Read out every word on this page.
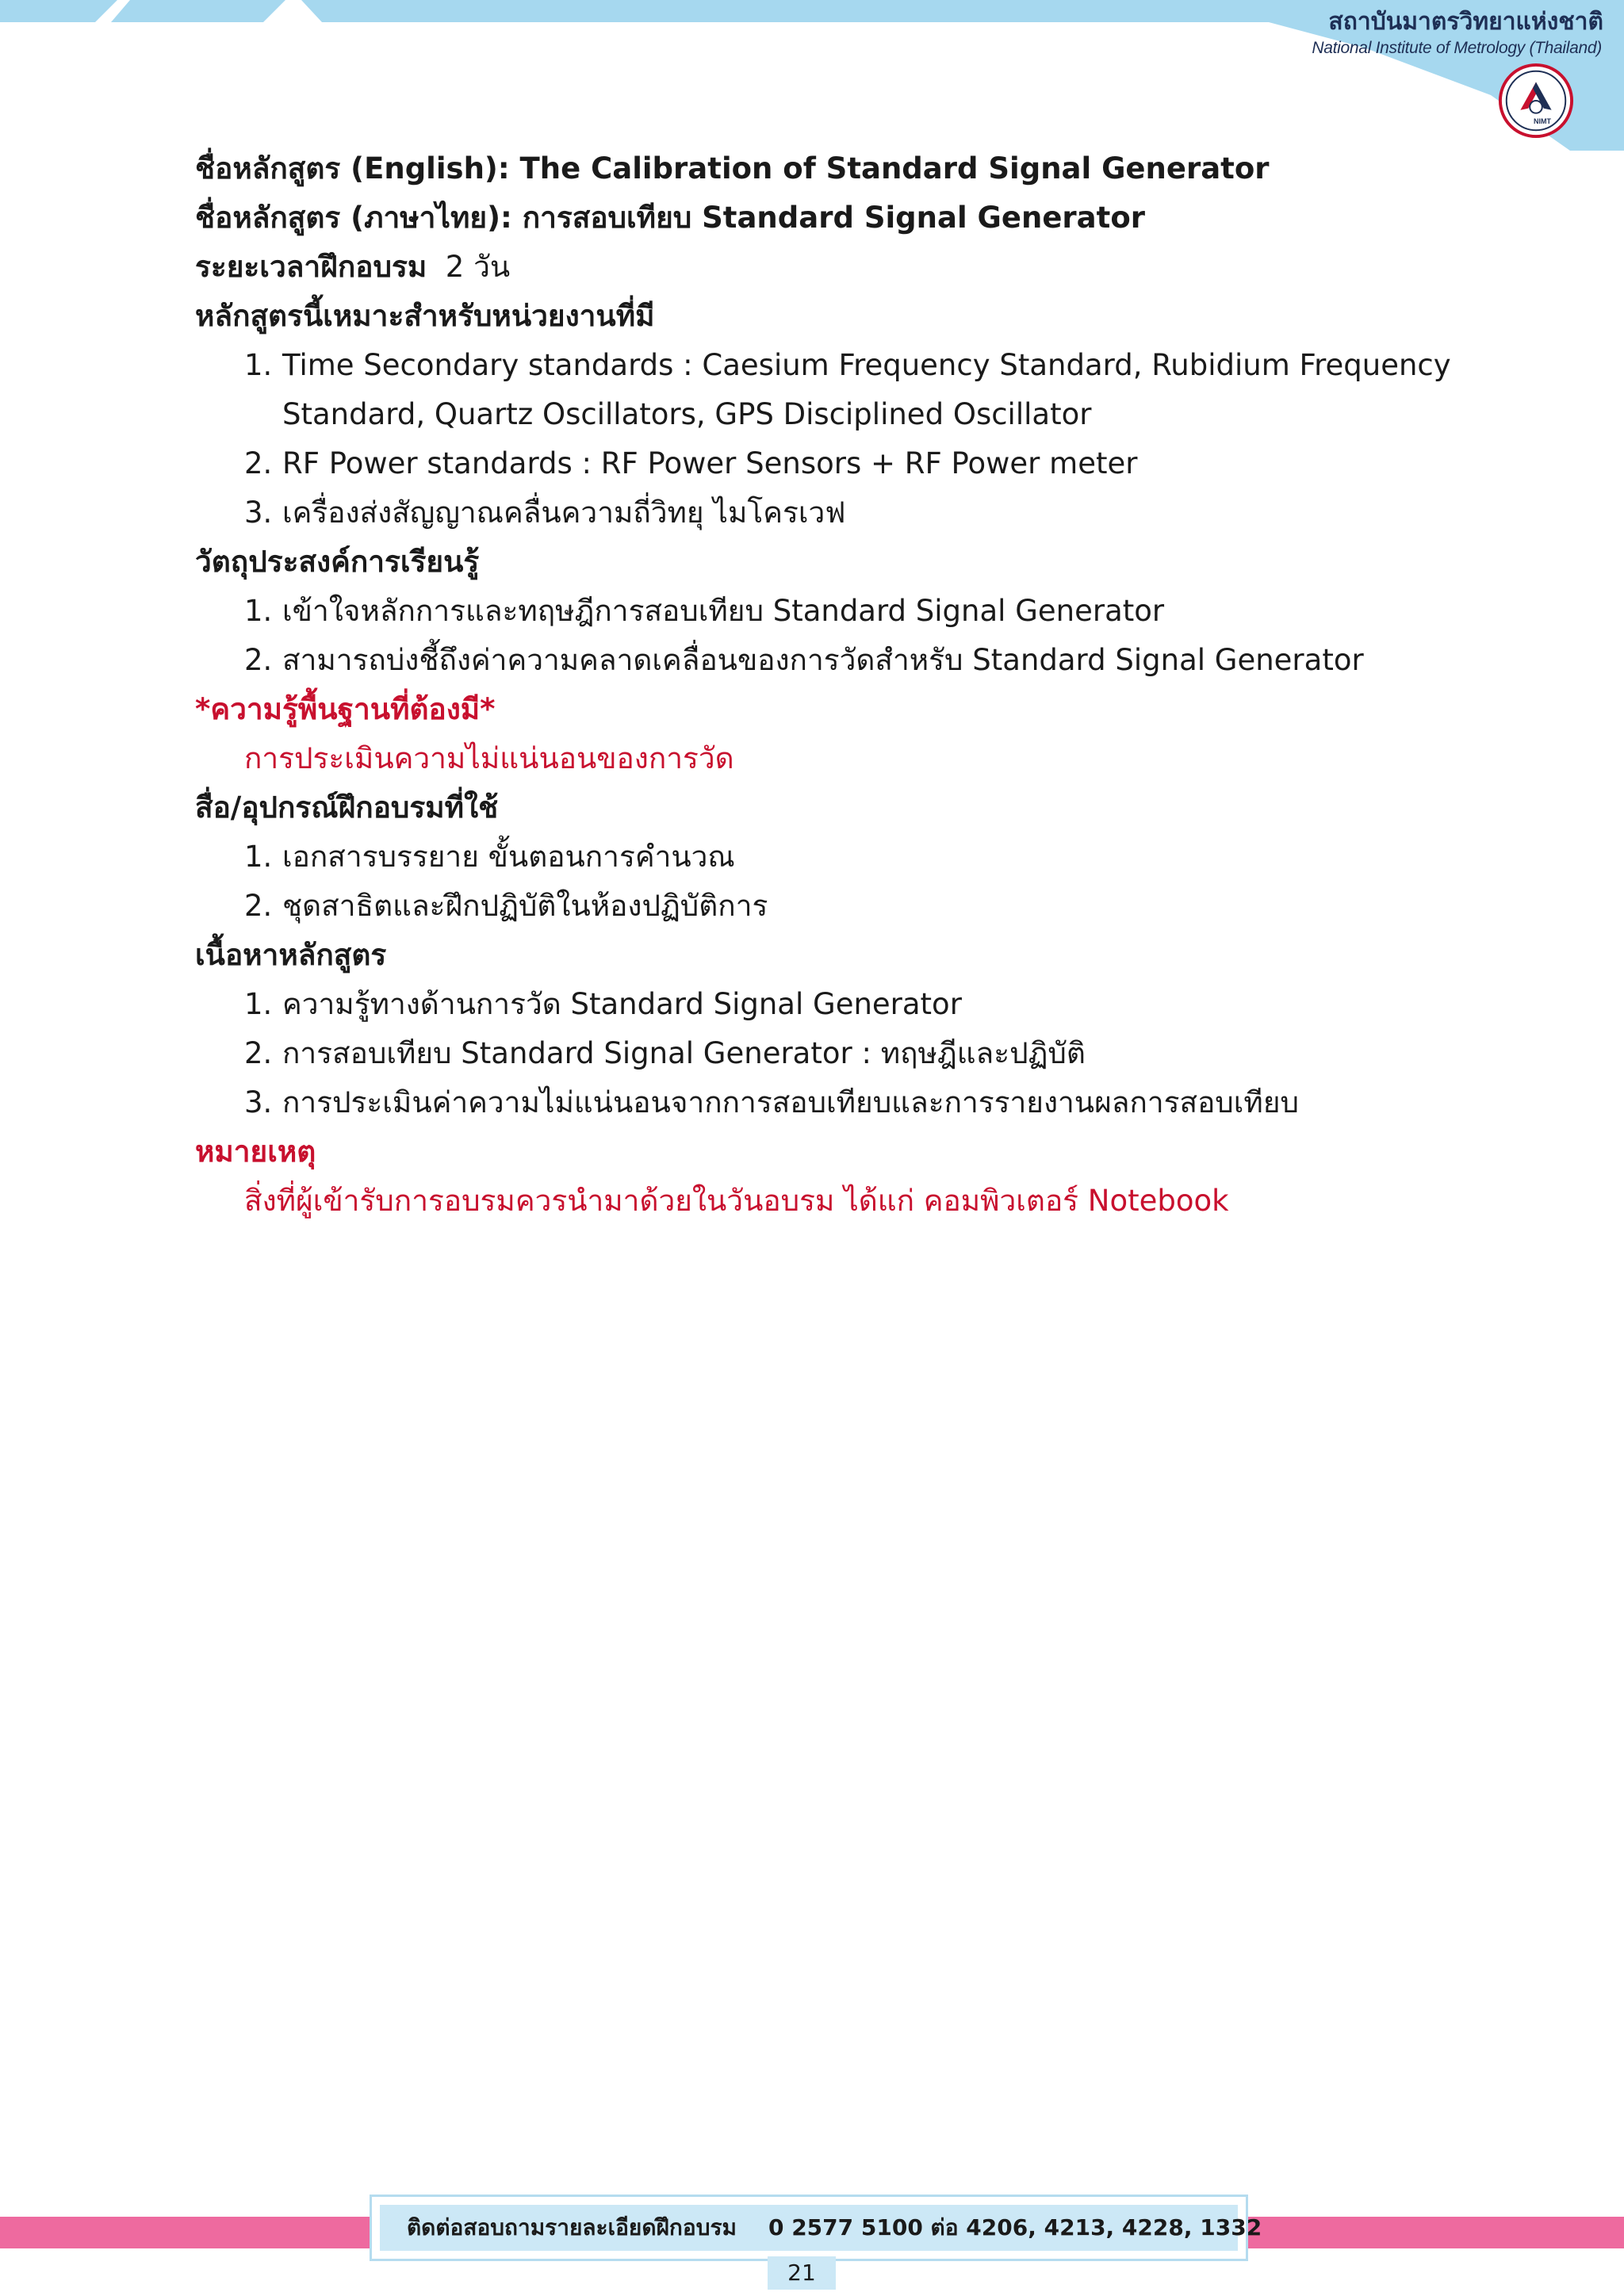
สถาบันมาตรวิทยาแห่งชาติ
National Institute of Metrology (Thailand)
NIMT
ชื่อหลักสูตร (English): The Calibration of Standard Signal Generator
ชื่อหลักสูตร (ภาษาไทย): การสอบเทียบ Standard Signal Generator
ระยะเวลาฝึกอบรม 2 วัน
หลักสูตรนี้เหมาะสำหรับหน่วยงานที่มี
1. Time Secondary standards : Caesium Frequency Standard, Rubidium Frequency
Standard, Quartz Oscillators, GPS Disciplined Oscillator
2. RF Power standards : RF Power Sensors + RF Power meter
3. เครื่องส่งสัญญาณคลื่นความถี่วิทยุ ไมโครเวฟ
วัตถุประสงค์การเรียนรู้
1. เข้าใจหลักการและทฤษฎีการสอบเทียบ Standard Signal Generator
2. สามารถบ่งชี้ถึงค่าความคลาดเคลื่อนของการวัดสำหรับ Standard Signal Generator
*ความรู้พื้นฐานที่ต้องมี*
การประเมินความไม่แน่นอนของการวัด
สื่อ/อุปกรณ์ฝึกอบรมที่ใช้
1. เอกสารบรรยาย ขั้นตอนการคำนวณ
2. ชุดสาธิตและฝึกปฏิบัติในห้องปฏิบัติการ
เนื้อหาหลักสูตร
1. ความรู้ทางด้านการวัด Standard Signal Generator
2. การสอบเทียบ Standard Signal Generator : ทฤษฎีและปฏิบัติ
3. การประเมินค่าความไม่แน่นอนจากการสอบเทียบและการรายงานผลการสอบเทียบ
หมายเหตุ
สิ่งที่ผู้เข้ารับการอบรมควรนำมาด้วยในวันอบรม ได้แก่ คอมพิวเตอร์ Notebook
ติดต่อสอบถามรายละเอียดฝึกอบรม 0 2577 5100 ต่อ 4206, 4213, 4228, 1332
21
